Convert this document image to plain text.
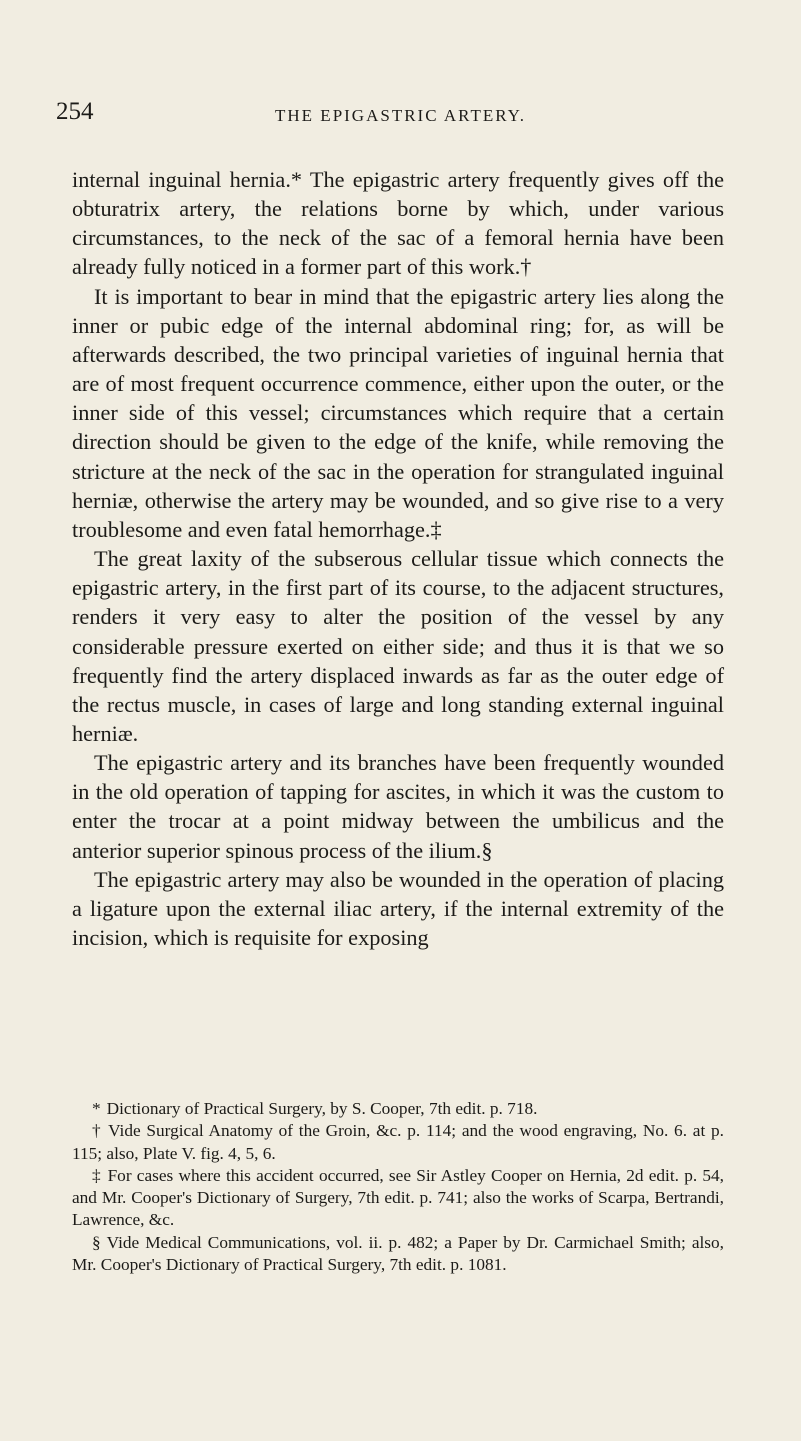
254	THE EPIGASTRIC ARTERY.

internal inguinal hernia.* The epigastric artery frequently gives off the obturatrix artery, the relations borne by which, under various circumstances, to the neck of the sac of a femoral hernia have been already fully noticed in a former part of this work.†

It is important to bear in mind that the epigastric artery lies along the inner or pubic edge of the internal abdominal ring; for, as will be afterwards described, the two principal varieties of inguinal hernia that are of most frequent occurrence commence, either upon the outer, or the inner side of this vessel; circumstances which require that a certain direction should be given to the edge of the knife, while removing the stricture at the neck of the sac in the operation for strangulated inguinal herniæ, otherwise the artery may be wounded, and so give rise to a very troublesome and even fatal hemorrhage.‡

The great laxity of the subserous cellular tissue which connects the epigastric artery, in the first part of its course, to the adjacent structures, renders it very easy to alter the position of the vessel by any considerable pressure exerted on either side; and thus it is that we so frequently find the artery displaced inwards as far as the outer edge of the rectus muscle, in cases of large and long standing external inguinal herniæ.

The epigastric artery and its branches have been frequently wounded in the old operation of tapping for ascites, in which it was the custom to enter the trocar at a point midway between the umbilicus and the anterior superior spinous process of the ilium.§

The epigastric artery may also be wounded in the operation of placing a ligature upon the external iliac artery, if the internal extremity of the incision, which is requisite for exposing

* Dictionary of Practical Surgery, by S. Cooper, 7th edit. p. 718.

† Vide Surgical Anatomy of the Groin, &c. p. 114; and the wood engraving, No. 6. at p. 115; also, Plate V. fig. 4, 5, 6.

‡ For cases where this accident occurred, see Sir Astley Cooper on Hernia, 2d edit. p. 54, and Mr. Cooper's Dictionary of Surgery, 7th edit. p. 741; also the works of Scarpa, Bertrandi, Lawrence, &c.

§ Vide Medical Communications, vol. ii. p. 482; a Paper by Dr. Carmichael Smith; also, Mr. Cooper's Dictionary of Practical Surgery, 7th edit. p. 1081.
